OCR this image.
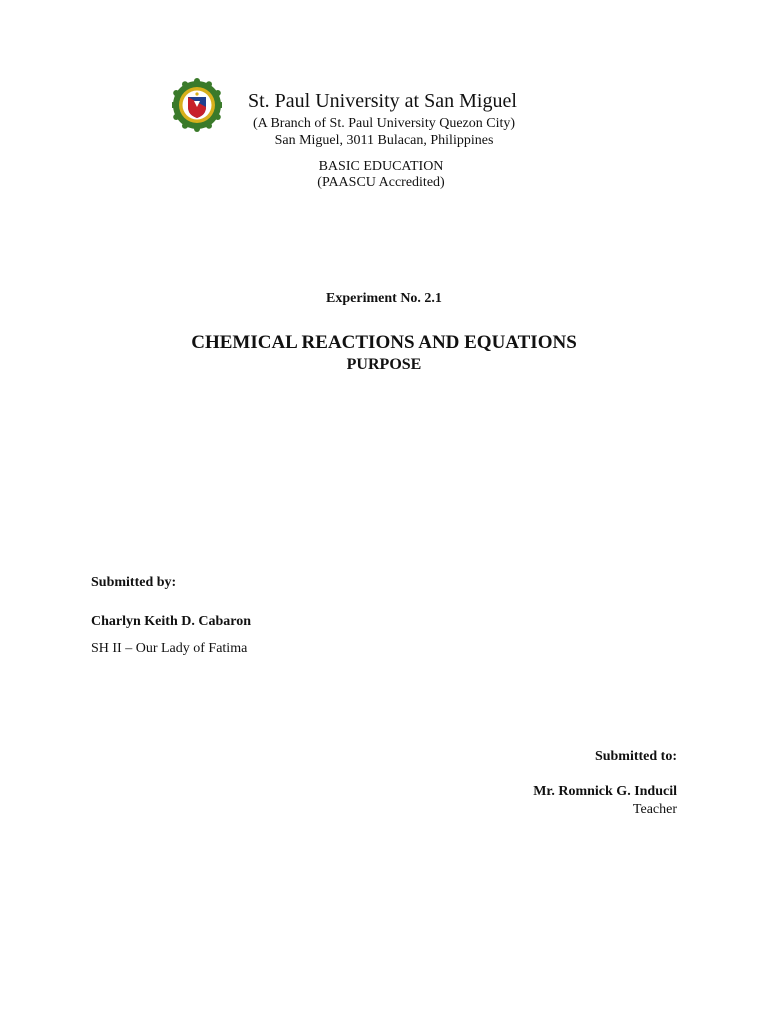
St. Paul University at San Miguel
(A Branch of St. Paul University Quezon City)
San Miguel, 3011 Bulacan, Philippines
BASIC EDUCATION
(PAASCU Accredited)
Experiment No. 2.1
CHEMICAL REACTIONS AND EQUATIONS
PURPOSE
Submitted by:
Charlyn Keith D. Cabaron
SH II – Our Lady of Fatima
Submitted to:
Mr. Romnick G. Inducil
Teacher
